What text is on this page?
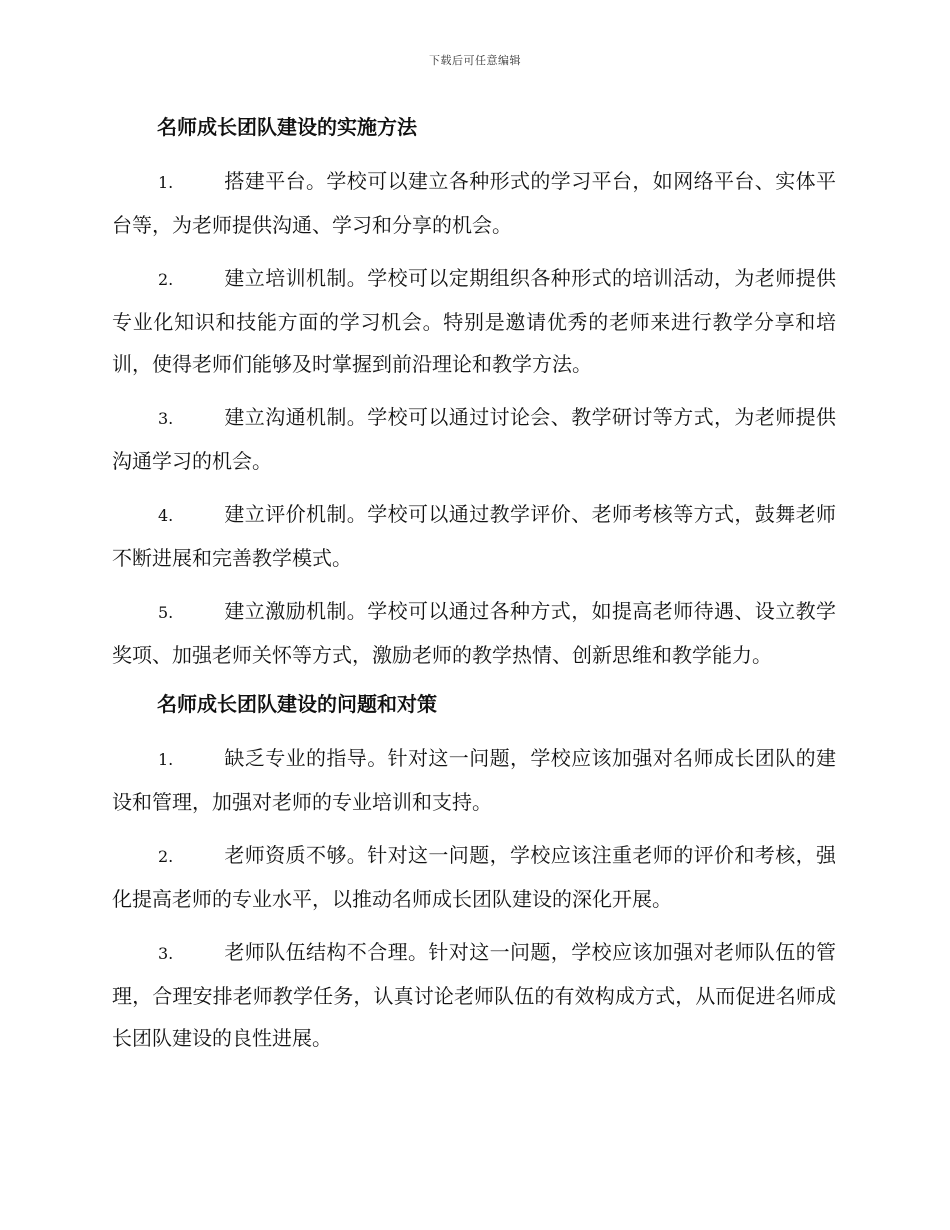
下载后可任意编辑
名师成长团队建设的实施方法

1.	搭建平台。学校可以建立各种形式的学习平台，如网络平台、实体平台等，为老师提供沟通、学习和分享的机会。

2.	建立培训机制。学校可以定期组织各种形式的培训活动，为老师提供专业化知识和技能方面的学习机会。特别是邀请优秀的老师来进行教学分享和培训，使得老师们能够及时掌握到前沿理论和教学方法。

3.	建立沟通机制。学校可以通过讨论会、教学研讨等方式，为老师提供沟通学习的机会。

4.	建立评价机制。学校可以通过教学评价、老师考核等方式，鼓舞老师不断进展和完善教学模式。

5.	建立激励机制。学校可以通过各种方式，如提高老师待遇、设立教学奖项、加强老师关怀等方式，激励老师的教学热情、创新思维和教学能力。

名师成长团队建设的问题和对策

1.	缺乏专业的指导。针对这一问题，学校应该加强对名师成长团队的建设和管理，加强对老师的专业培训和支持。

2.	老师资质不够。针对这一问题，学校应该注重老师的评价和考核，强化提高老师的专业水平，以推动名师成长团队建设的深化开展。

3.	老师队伍结构不合理。针对这一问题，学校应该加强对老师队伍的管理，合理安排老师教学任务，认真讨论老师队伍的有效构成方式，从而促进名师成长团队建设的良性进展。
